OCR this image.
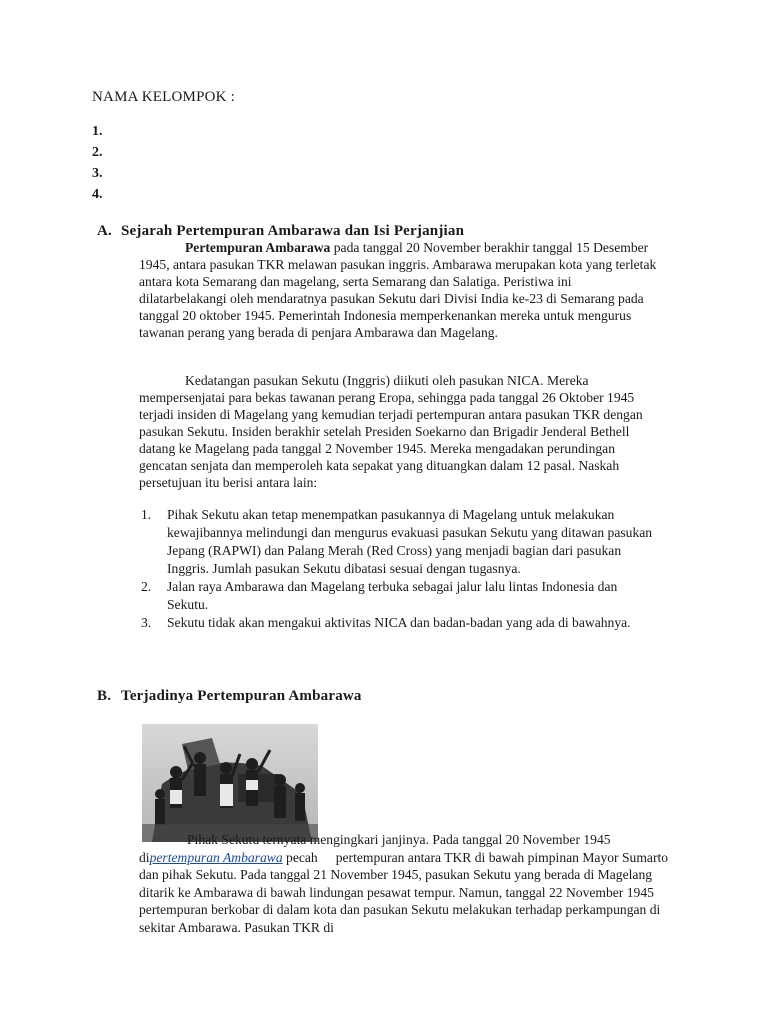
NAMA KELOMPOK :
1.
2.
3.
4.
A. Sejarah Pertempuran Ambarawa dan Isi Perjanjian

Pertempuran Ambarawa pada tanggal 20 November berakhir tanggal 15 Desember 1945, antara pasukan TKR melawan pasukan inggris. Ambarawa merupakan kota yang terletak antara kota Semarang dan magelang, serta Semarang dan Salatiga. Peristiwa ini dilatarbelakangi oleh mendaratnya pasukan Sekutu dari Divisi India ke-23 di Semarang pada tanggal 20 oktober 1945. Pemerintah Indonesia memperkenankan mereka untuk mengurus tawanan perang yang berada di penjara Ambarawa dan Magelang.

Kedatangan pasukan Sekutu (Inggris) diikuti oleh pasukan NICA. Mereka mempersenjatai para bekas tawanan perang Eropa, sehingga pada tanggal 26 Oktober 1945 terjadi insiden di Magelang yang kemudian terjadi pertempuran antara pasukan TKR dengan pasukan Sekutu. Insiden berakhir setelah Presiden Soekarno dan Brigadir Jenderal Bethell datang ke Magelang pada tanggal 2 November 1945. Mereka mengadakan perundingan gencatan senjata dan memperoleh kata sepakat yang dituangkan dalam 12 pasal. Naskah persetujuan itu berisi antara lain:

1. Pihak Sekutu akan tetap menempatkan pasukannya di Magelang untuk melakukan kewajibannya melindungi dan mengurus evakuasi pasukan Sekutu yang ditawan pasukan Jepang (RAPWI) dan Palang Merah (Red Cross) yang menjadi bagian dari pasukan Inggris. Jumlah pasukan Sekutu dibatasi sesuai dengan tugasnya.
2. Jalan raya Ambarawa dan Magelang terbuka sebagai jalur lalu lintas Indonesia dan Sekutu.
3. Sekutu tidak akan mengakui aktivitas NICA dan badan-badan yang ada di bawahnya.
B. Terjadinya Pertempuran Ambarawa

Pihak Sekutu ternyata mengingkari janjinya. Pada tanggal 20 November 1945

dipertempuran Ambarawa pecah pertempuran antara TKR di bawah pimpinan Mayor Sumarto dan pihak Sekutu. Pada tanggal 21 November 1945, pasukan Sekutu yang berada di Magelang ditarik ke Ambarawa di bawah lindungan pesawat tempur. Namun, tanggal 22 November 1945 pertempuran berkobar di dalam kota dan pasukan Sekutu melakukan terhadap perkampungan di sekitar Ambarawa. Pasukan TKR di
